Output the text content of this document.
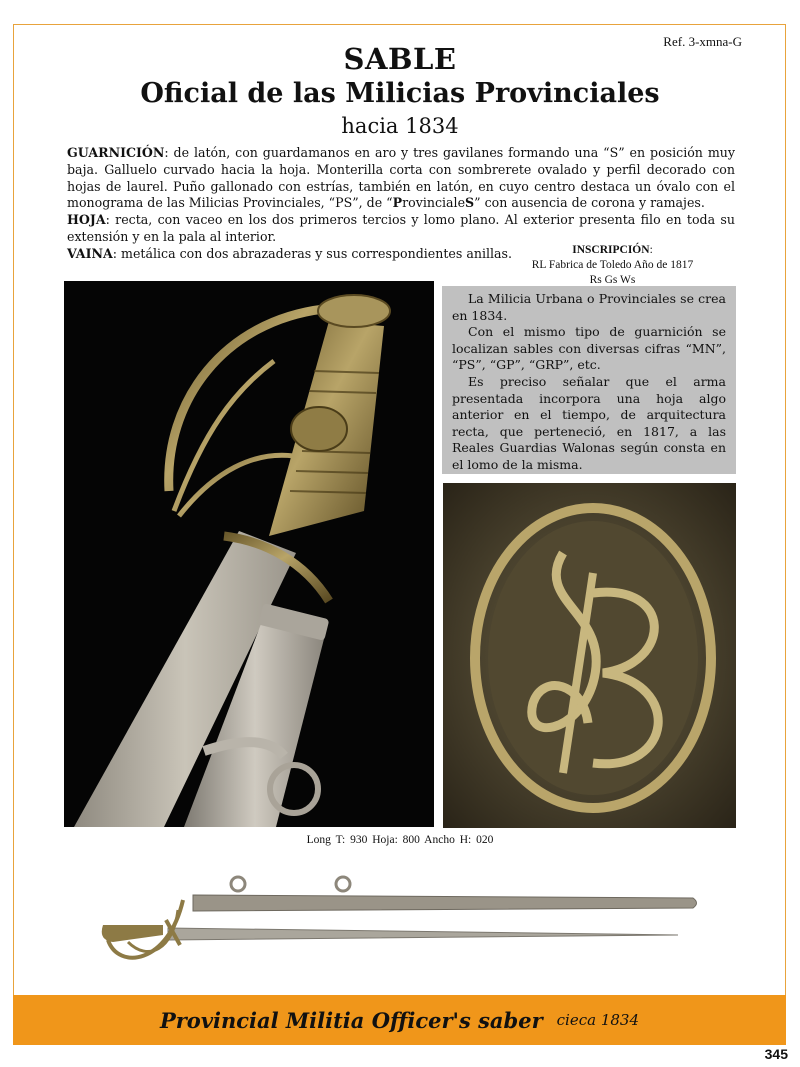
Ref. 3-xmna-G
SABLE
Oficial de las Milicias Provinciales
hacia 1834

GUARNICIÓN: de latón, con guardamanos en aro y tres gavilanes formando una “S” en posición muy baja. Galluelo curvado hacia la hoja. Monterilla corta con sombrerete ovalado y perfil decorado con hojas de laurel. Puño gallonado con estrías, también en latón, en cuyo centro destaca un óvalo con el monograma de las Milicias Provinciales, “PS”, de “ProvincialeS” con ausencia de corona y ramajes.

HOJA: recta, con vaceo en los dos primeros tercios y lomo plano. Al exterior presenta filo en toda su extensión y en la pala al interior.

VAINA: metálica con dos abrazaderas y sus correspondientes anillas.	INSCRIPCIÓN:
RL Fabrica de Toledo Año de 1817
Rs Gs Ws

La Milicia Urbana o Provinciales se crea en 1834.

Con el mismo tipo de guarnición se localizan sables con diversas cifras “MN”, “PS”, “GP”, “GRP”, etc.

Es preciso señalar que el arma presentada incorpora una hoja algo anterior en el tiempo, de arquitectura recta, que perteneció, en 1817, a las Reales Guardias Walonas según consta en el lomo de la misma.

Long T: 930 Hoja: 800 Ancho H: 020
Provincial Militia Officer's saber cieca 1834
345
